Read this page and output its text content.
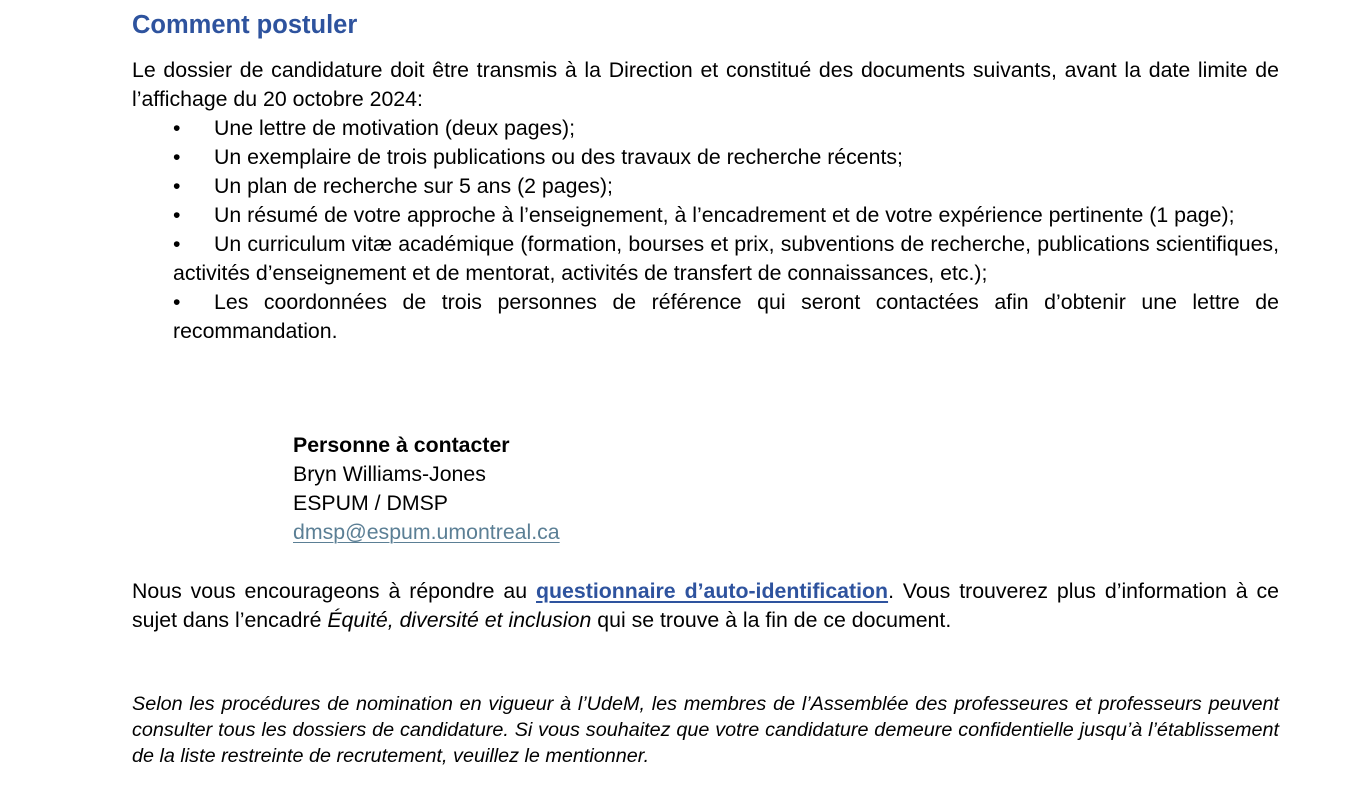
Comment postuler

Le dossier de candidature doit être transmis à la Direction et constitué des documents suivants, avant la date limite de l’affichage du 20 octobre 2024:

• Une lettre de motivation (deux pages);
• Un exemplaire de trois publications ou des travaux de recherche récents;
• Un plan de recherche sur 5 ans (2 pages);
• Un résumé de votre approche à l’enseignement, à l’encadrement et de votre expérience pertinente (1 page);
• Un curriculum vitæ académique (formation, bourses et prix, subventions de recherche, publications scientifiques, activités d’enseignement et de mentorat, activités de transfert de connaissances, etc.);
• Les coordonnées de trois personnes de référence qui seront contactées afin d’obtenir une lettre de recommandation.
Personne à contacter
Bryn Williams-Jones
ESPUM / DMSP
dmsp@espum.umontreal.ca

Nous vous encourageons à répondre au questionnaire d’auto-identification. Vous trouverez plus d’information à ce sujet dans l’encadré Équité, diversité et inclusion qui se trouve à la fin de ce document.

Selon les procédures de nomination en vigueur à l’UdeM, les membres de l’Assemblée des professeures et professeurs peuvent consulter tous les dossiers de candidature. Si vous souhaitez que votre candidature demeure confidentielle jusqu’à l’établissement de la liste restreinte de recrutement, veuillez le mentionner.
